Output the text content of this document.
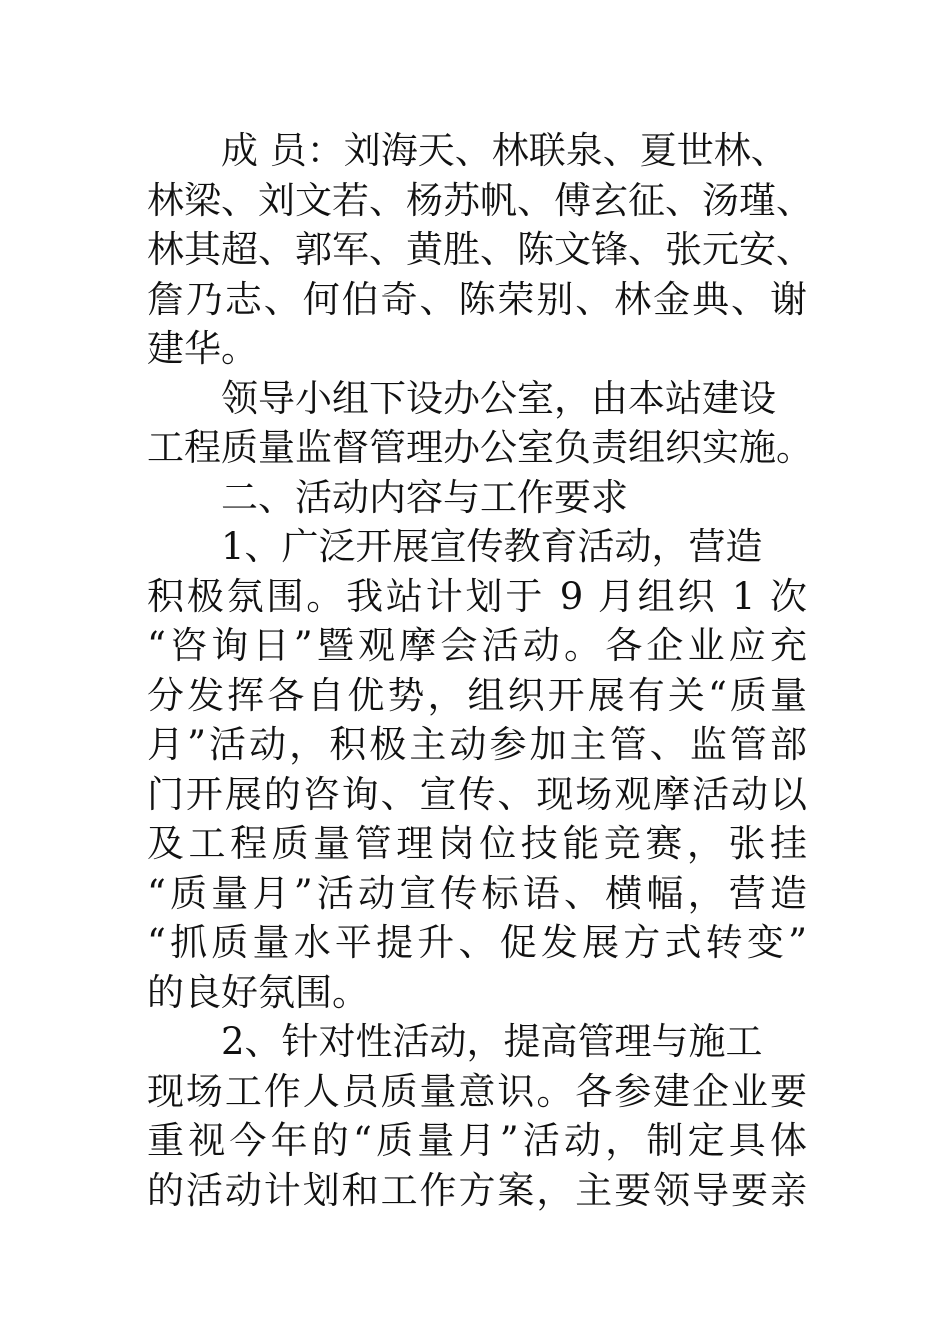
成 员：刘海天、林联泉、夏世林、
林梁、刘文若、杨苏帆、傅玄征、汤瑾、
林其超、郭军、黄胜、陈文锋、张元安、
詹乃志、何伯奇、陈荣别、林金典、谢
建华。
领导小组下设办公室，由本站建设
工程质量监督管理办公室负责组织实施。
二、活动内容与工作要求
1、广泛开展宣传教育活动，营造
积极氛围。我站计划于 9 月组织 1 次
“咨询日”暨观摩会活动。各企业应充
分发挥各自优势，组织开展有关“质量
月”活动，积极主动参加主管、监管部
门开展的咨询、宣传、现场观摩活动以
及工程质量管理岗位技能竞赛，张挂
“质量月”活动宣传标语、横幅，营造
“抓质量水平提升、促发展方式转变”
的良好氛围。
2、针对性活动，提高管理与施工
现场工作人员质量意识。各参建企业要
重视今年的“质量月”活动，制定具体
的活动计划和工作方案，主要领导要亲
